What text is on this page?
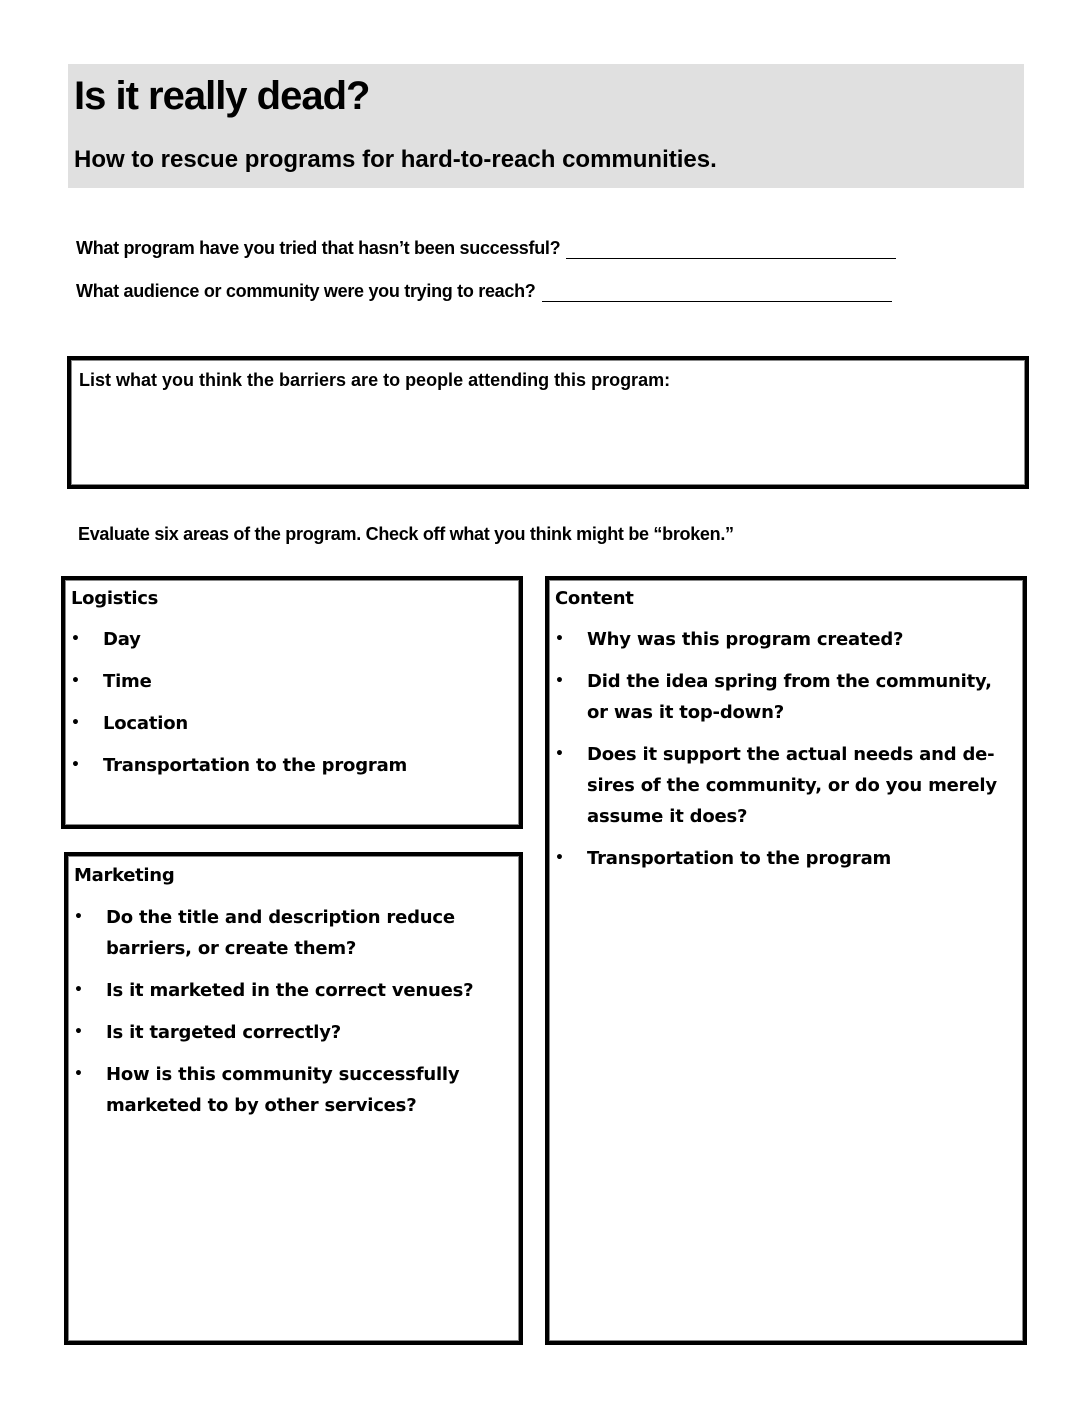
Is it really dead?
How to rescue programs for hard-to-reach communities.
What program have you tried that hasn’t been successful?
What audience or community were you trying to reach?
List what you think the barriers are to people attending this program:
Evaluate six areas of the program. Check off what you think might be “broken.”
Logistics
• Day
• Time
• Location
• Transportation to the program
Marketing
• Do the title and description reduce barriers, or create them?
• Is it marketed in the correct venues?
• Is it targeted correctly?
• How is this community successfully marketed to by other services?
Content
• Why was this program created?
• Did the idea spring from the community, or was it top-down?
• Does it support the actual needs and de-sires of the community, or do you merely assume it does?
• Transportation to the program
